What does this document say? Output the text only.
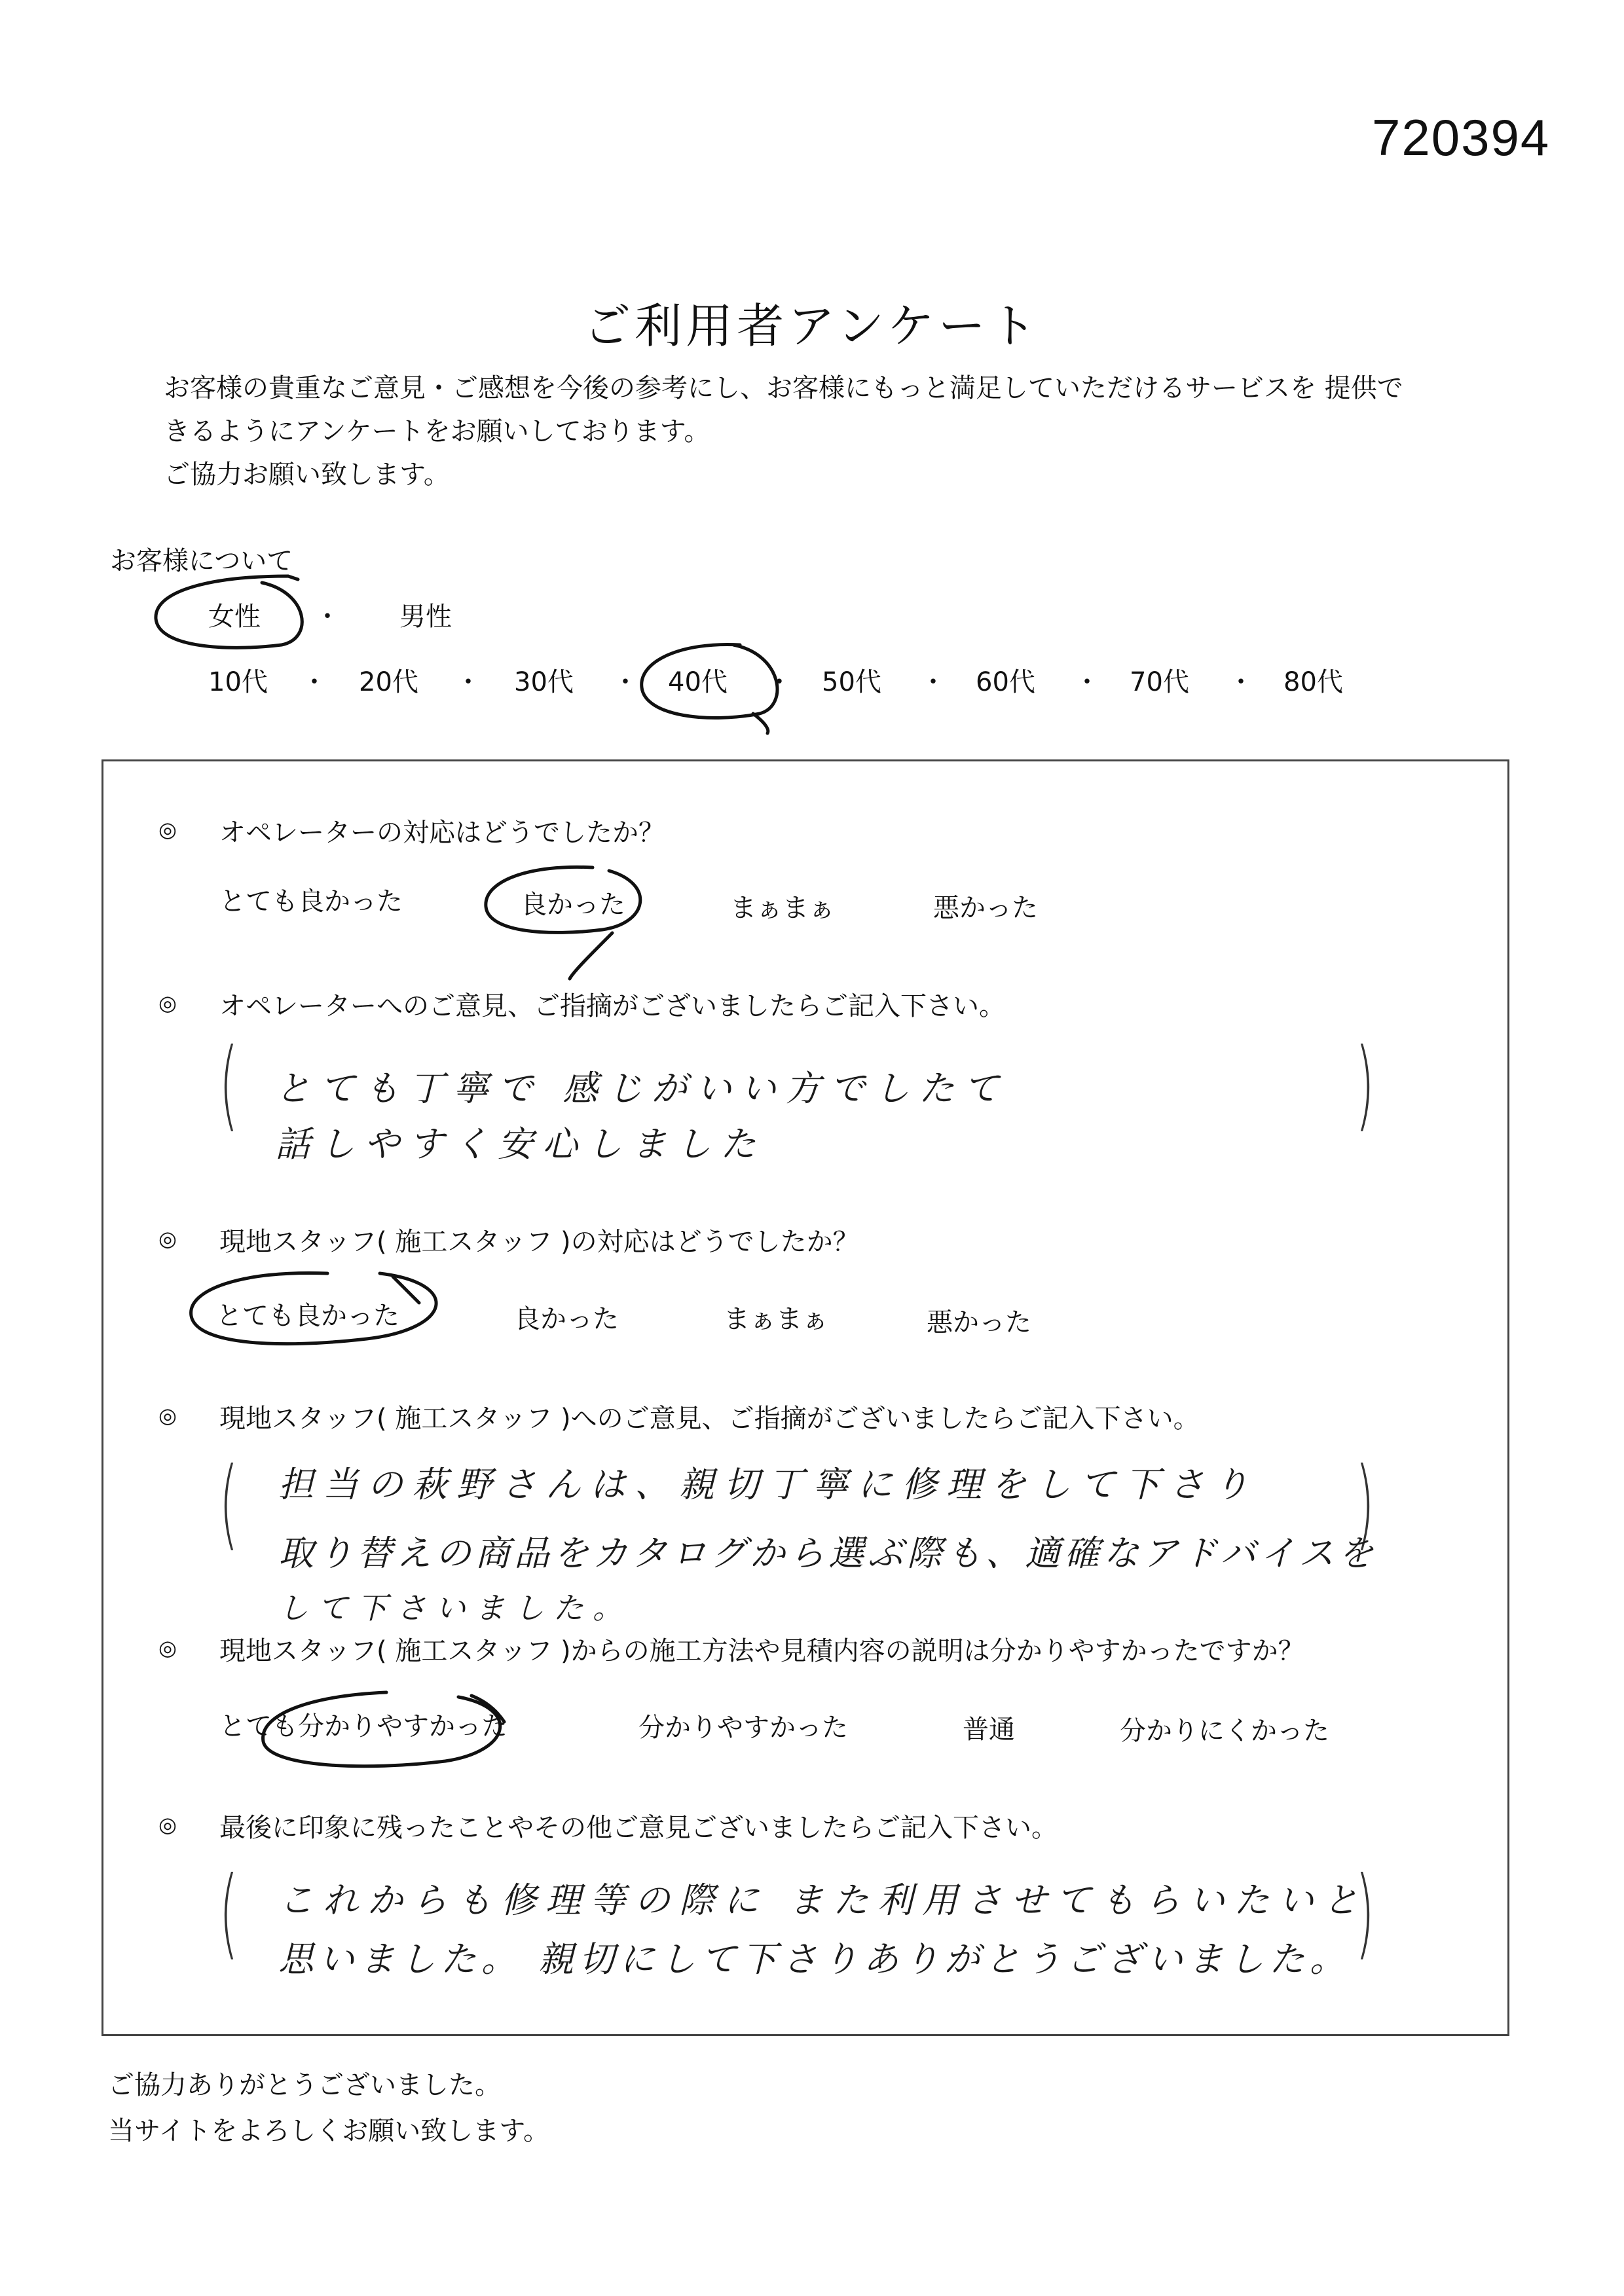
720394
ご利用者アンケート
お客様の貴重なご意見・ご感想を今後の参考にし、お客様にもっと満足していただけるサービスを 提供で
きるようにアンケートをお願いしております。
ご協力お願い致します。
お客様について
女性 ・ 男性
10代 ・ 20代 ・ 30代 ・ 40代 ・ 50代 ・ 60代 ・ 70代 ・ 80代
◎ オペレーターの対応はどうでしたか？
とても良かった	良かった	まぁまぁ	悪かった
◎ オペレーターへのご意見、ご指摘がございましたらご記入下さい。
(	)
とても丁寧で 感じがいい方でしたて
話しやすく安心しました
◎ 現地スタッフ( 施工スタッフ )の対応はどうでしたか？
とても良かった	良かった	まぁまぁ	悪かった
◎ 現地スタッフ( 施工スタッフ )へのご意見、ご指摘がございましたらご記入下さい。
(	)
担当の萩野さんは、親切丁寧に修理をして下さり
取り替えの商品をカタログから選ぶ際も、適確なアドバイスを
して下さいました。
◎ 現地スタッフ( 施工スタッフ )からの施工方法や見積内容の説明は分かりやすかったですか？
とても分かりやすかった	分かりやすかった	普通	分かりにくかった
◎ 最後に印象に残ったことやその他ご意見ございましたらご記入下さい。
(	)
これからも修理等の際に また利用させてもらいたいと
思いました。 親切にして下さりありがとうございました。
ご協力ありがとうございました。
当サイトをよろしくお願い致します。
